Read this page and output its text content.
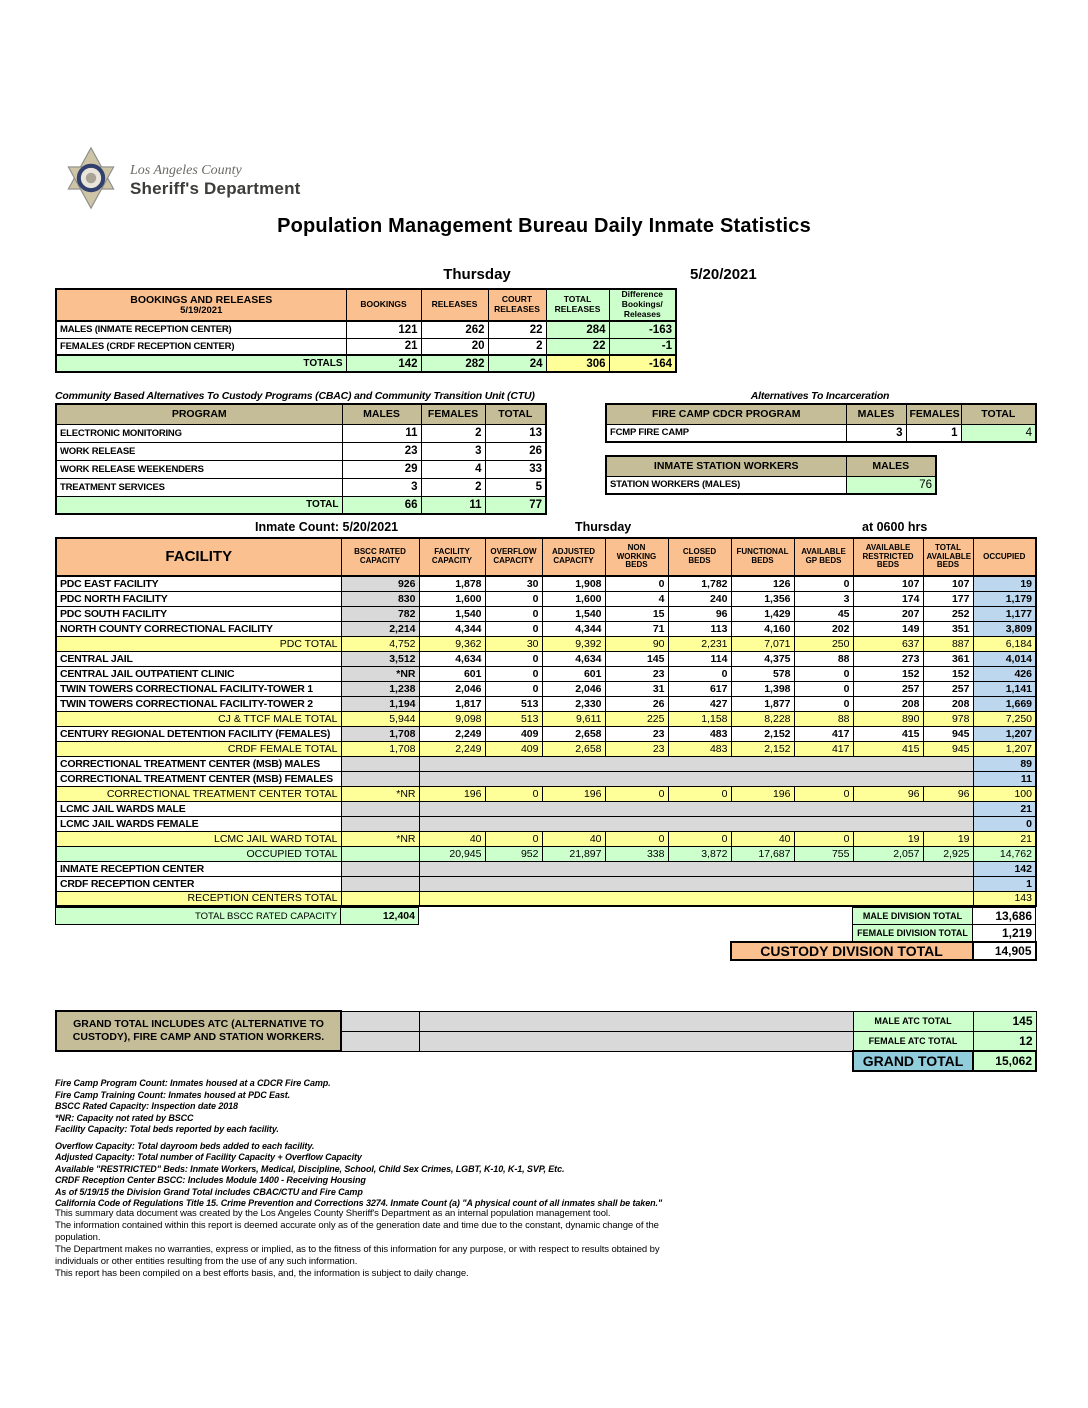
Los Angeles County
Sheriff's Department
Population Management Bureau Daily Inmate Statistics
Thursday	5/20/2021
BOOKINGS AND RELEASES
5/19/2021	BOOKINGS	RELEASES	COURT RELEASES	TOTAL RELEASES	Difference Bookings/ Releases
MALES (INMATE RECEPTION CENTER)	121	262	22	284	-163
FEMALES (CRDF RECEPTION CENTER)	21	20	2	22	-1
TOTALS	142	282	24	306	-164
Community Based Alternatives To Custody Programs (CBAC) and Community Transition Unit (CTU)
PROGRAM	MALES	FEMALES	TOTAL
ELECTRONIC MONITORING	11	2	13
WORK RELEASE	23	3	26
WORK RELEASE WEEKENDERS	29	4	33
TREATMENT SERVICES	3	2	5
TOTAL	66	11	77
Alternatives To Incarceration
FIRE CAMP CDCR PROGRAM	MALES	FEMALES	TOTAL
FCMP FIRE CAMP	3	1	4
INMATE STATION WORKERS	MALES
STATION WORKERS (MALES)	76
Inmate Count: 5/20/2021	Thursday	at 0600 hrs
FACILITY	BSCC RATED CAPACITY	FACILITY CAPACITY	OVERFLOW CAPACITY	ADJUSTED CAPACITY	NON WORKING BEDS	CLOSED BEDS	FUNCTIONAL BEDS	AVAILABLE GP BEDS	AVAILABLE RESTRICTED BEDS	TOTAL AVAILABLE BEDS	OCCUPIED
PDC EAST FACILITY	926	1,878	30	1,908	0	1,782	126	0	107	107	19
PDC NORTH FACILITY	830	1,600	0	1,600	4	240	1,356	3	174	177	1,179
PDC SOUTH FACILITY	782	1,540	0	1,540	15	96	1,429	45	207	252	1,177
NORTH COUNTY CORRECTIONAL FACILITY	2,214	4,344	0	4,344	71	113	4,160	202	149	351	3,809
PDC TOTAL	4,752	9,362	30	9,392	90	2,231	7,071	250	637	887	6,184
CENTRAL JAIL	3,512	4,634	0	4,634	145	114	4,375	88	273	361	4,014
CENTRAL JAIL OUTPATIENT CLINIC	*NR	601	0	601	23	0	578	0	152	152	426
TWIN TOWERS CORRECTIONAL FACILITY-TOWER 1	1,238	2,046	0	2,046	31	617	1,398	0	257	257	1,141
TWIN TOWERS CORRECTIONAL FACILITY-TOWER 2	1,194	1,817	513	2,330	26	427	1,877	0	208	208	1,669
CJ & TTCF MALE TOTAL	5,944	9,098	513	9,611	225	1,158	8,228	88	890	978	7,250
CENTURY REGIONAL DETENTION FACILITY (FEMALES)	1,708	2,249	409	2,658	23	483	2,152	417	415	945	1,207
CRDF FEMALE TOTAL	1,708	2,249	409	2,658	23	483	2,152	417	415	945	1,207
CORRECTIONAL TREATMENT CENTER (MSB) MALES											89
CORRECTIONAL TREATMENT CENTER (MSB) FEMALES											11
CORRECTIONAL TREATMENT CENTER TOTAL	*NR	196	0	196	0	0	196	0	96	96	100
LCMC JAIL WARDS MALE											21
LCMC JAIL WARDS FEMALE											0
LCMC JAIL WARD TOTAL	*NR	40	0	40	0	0	40	0	19	19	21
OCCUPIED TOTAL		20,945	952	21,897	338	3,872	17,687	755	2,057	2,925	14,762
INMATE RECEPTION CENTER											142
CRDF RECEPTION CENTER											1
RECEPTION CENTERS TOTAL											143
TOTAL BSCC RATED CAPACITY	12,404			MALE DIVISION TOTAL	13,686
				FEMALE DIVISION TOTAL	1,219
			CUSTODY DIVISION TOTAL		14,905
GRAND TOTAL INCLUDES ATC (ALTERNATIVE TO CUSTODY), FIRE CAMP AND STATION WORKERS.			MALE ATC TOTAL	145
			FEMALE ATC TOTAL	12
			GRAND TOTAL	15,062
Fire Camp Program Count: Inmates housed at a CDCR Fire Camp.
Fire Camp Training Count: Inmates housed at PDC East.
BSCC Rated Capacity: Inspection date 2018
*NR: Capacity not rated by BSCC
Facility Capacity: Total beds reported by each facility.
Overflow Capacity: Total dayroom beds added to each facility.
Adjusted Capacity: Total number of Facility Capacity + Overflow Capacity
Available "RESTRICTED" Beds: Inmate Workers, Medical, Discipline, School, Child Sex Crimes, LGBT, K-10, K-1, SVP, Etc.
CRDF Reception Center BSCC: Includes Module 1400 - Receiving Housing
As of 5/19/15 the Division Grand Total includes CBAC/CTU and Fire Camp
California Code of Regulations Title 15. Crime Prevention and Corrections 3274. Inmate Count (a) "A physical count of all inmates shall be taken."
This summary data document was created by the Los Angeles County Sheriff's Department as an internal population management tool.
The information contained within this report is deemed accurate only as of the generation date and time due to the constant, dynamic change of the population.
The Department makes no warranties, express or implied, as to the fitness of this information for any purpose, or with respect to results obtained by individuals or other entities resulting from the use of any such information.
This report has been compiled on a best efforts basis, and, the information is subject to daily change.
